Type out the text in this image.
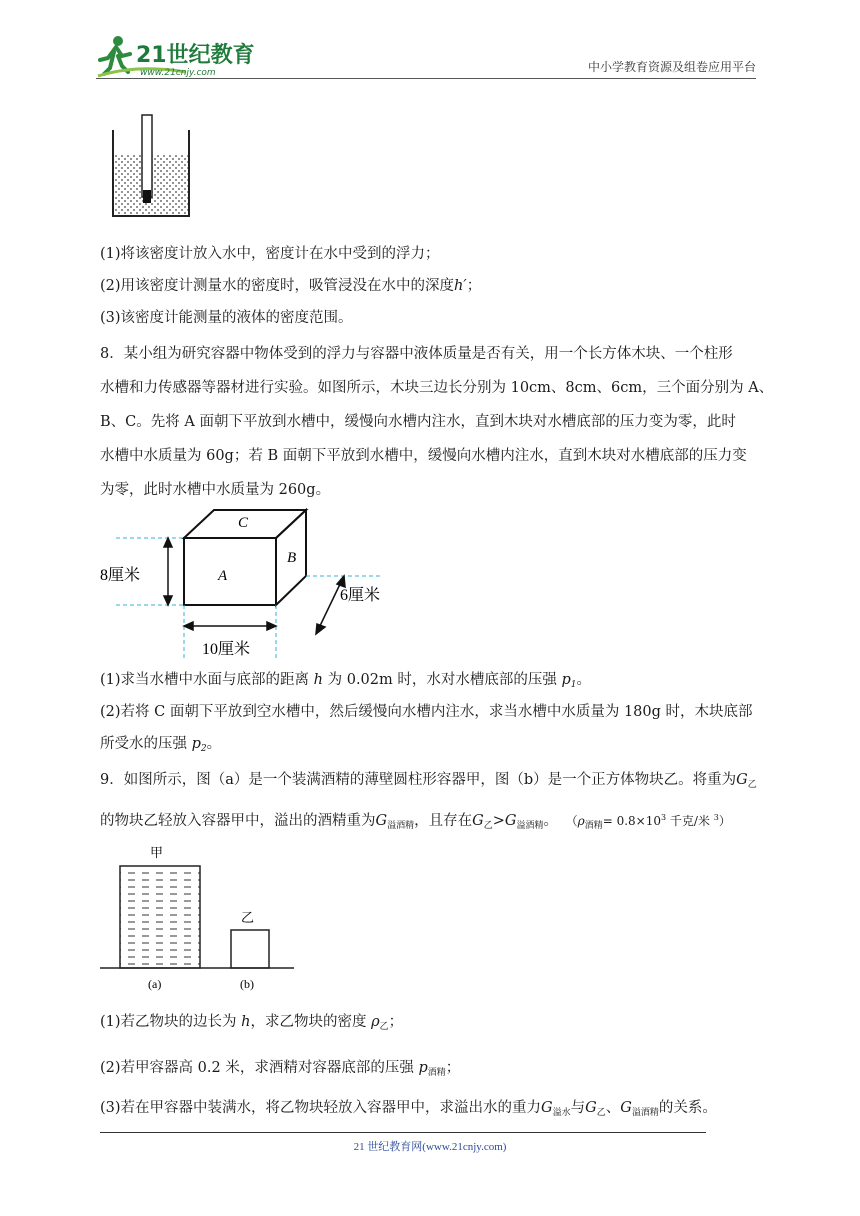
21世纪教育
www.21cnjy.com	中小学教育资源及组卷应用平台
(1)将该密度计放入水中，密度计在水中受到的浮力；
(2)用该密度计测量水的密度时，吸管浸没在水中的深度h′；
(3)该密度计能测量的液体的密度范围。
8．某小组为研究容器中物体受到的浮力与容器中液体质量是否有关，用一个长方体木块、一个柱形
水槽和力传感器等器材进行实验。如图所示，木块三边长分别为 10cm、8cm、6cm，三个面分别为 A、
B、C。先将 A 面朝下平放到水槽中，缓慢向水槽内注水，直到木块对水槽底部的压力变为零，此时
水槽中水质量为 60g；若 B 面朝下平放到水槽中，缓慢向水槽内注水，直到木块对水槽底部的压力变
为零，此时水槽中水质量为 260g。
C
A
B
8厘米
6厘米
10厘米
(1)求当水槽中水面与底部的距离 h 为 0.02m 时，水对水槽底部的压强 $p_1$。
(2)若将 C 面朝下平放到空水槽中，然后缓慢向水槽内注水，求当水槽中水质量为 180g 时，木块底部
所受水的压强 $p_2$。
9．如图所示，图（a）是一个装满酒精的薄壁圆柱形容器甲，图（b）是一个正方体物块乙。将重为$G_乙$
的物块乙轻放入容器甲中，溢出的酒精重为$G_{溢酒精}$，且存在$G_乙>G_{溢酒精}$。 （$\rho_{酒精}= 0.8\times 10^3$ 千克/米 $^3$）
甲
乙
(a)	(b)
(1)若乙物块的边长为 h，求乙物块的密度 $\rho_乙$；
(2)若甲容器高 0.2 米，求酒精对容器底部的压强 $p_{酒精}$；
(3)若在甲容器中装满水，将乙物块轻放入容器甲中，求溢出水的重力$G_{溢水}$与$G_乙$、$G_{溢酒精}$的关系。
21 世纪教育网(www.21cnjy.com)
